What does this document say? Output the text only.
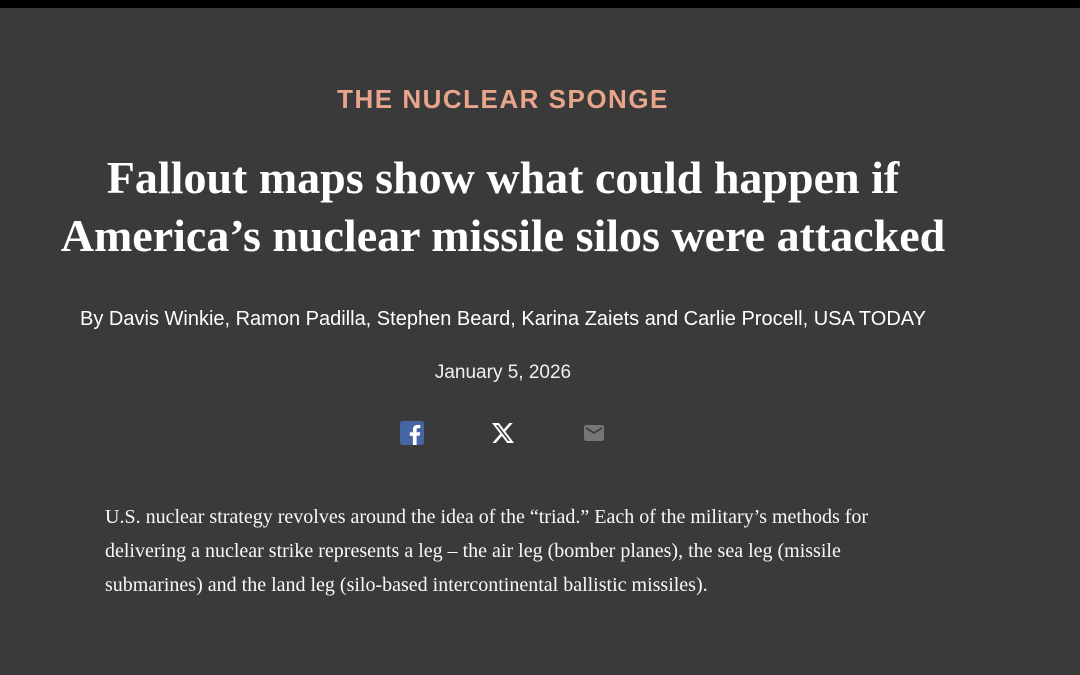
THE NUCLEAR SPONGE
Fallout maps show what could happen if
America’s nuclear missile silos were attacked
By Davis Winkie, Ramon Padilla, Stephen Beard, Karina Zaiets and Carlie Procell, USA TODAY
January 5, 2026

U.S. nuclear strategy revolves around the idea of the “triad.” Each of the military’s methods for delivering a nuclear strike represents a leg – the air leg (bomber planes), the sea leg (missile submarines) and the land leg (silo-based intercontinental ballistic missiles).
